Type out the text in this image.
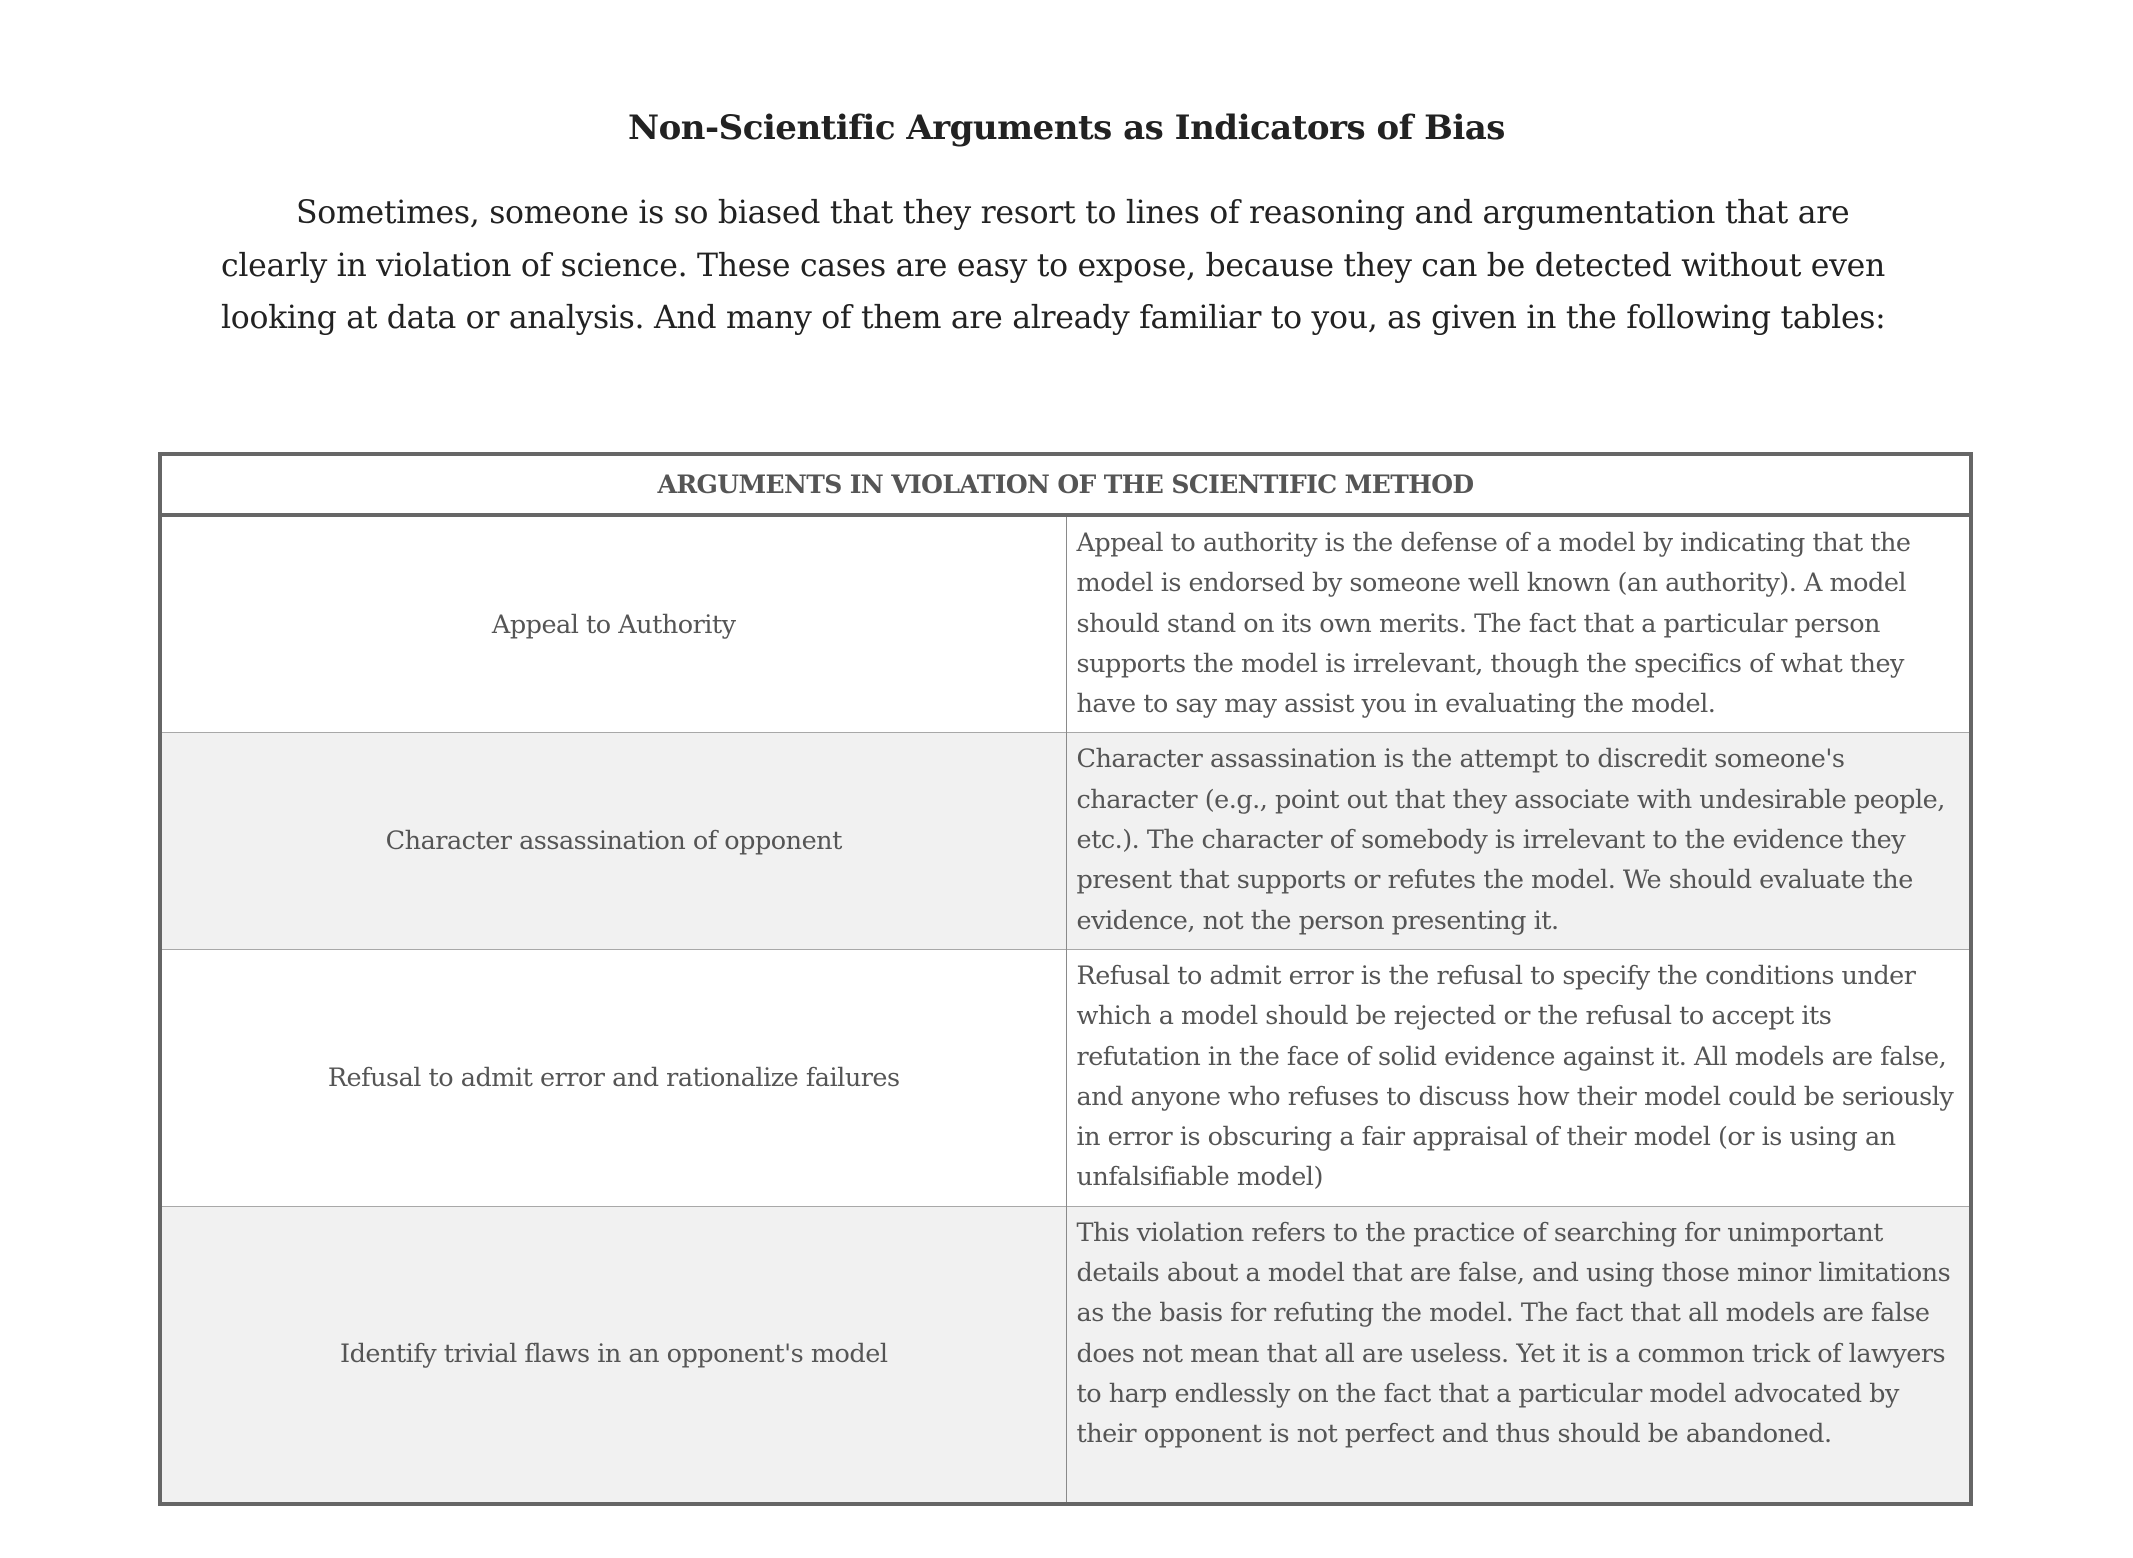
Non-Scientific Arguments as Indicators of Bias

Sometimes, someone is so biased that they resort to lines of reasoning and argumentation that are clearly in violation of science. These cases are easy to expose, because they can be detected without even looking at data or analysis. And many of them are already familiar to you, as given in the following tables:

ARGUMENTS IN VIOLATION OF THE SCIENTIFIC METHOD	
Appeal to Authority	Appeal to authority is the defense of a model by indicating that the model is endorsed by someone well known (an authority). A model should stand on its own merits. The fact that a particular person supports the model is irrelevant, though the specifics of what they have to say may assist you in evaluating the model.
Character assassination of opponent	Character assassination is the attempt to discredit someone's character (e.g., point out that they associate with undesirable people, etc.). The character of somebody is irrelevant to the evidence they present that supports or refutes the model. We should evaluate the evidence, not the person presenting it.
Refusal to admit error and rationalize failures	Refusal to admit error is the refusal to specify the conditions under which a model should be rejected or the refusal to accept its refutation in the face of solid evidence against it. All models are false, and anyone who refuses to discuss how their model could be seriously in error is obscuring a fair appraisal of their model (or is using an unfalsifiable model)
Identify trivial flaws in an opponent's model	This violation refers to the practice of searching for unimportant details about a model that are false, and using those minor limitations as the basis for refuting the model. The fact that all models are false does not mean that all are useless. Yet it is a common trick of lawyers to harp endlessly on the fact that a particular model advocated by their opponent is not perfect and thus should be abandoned.
